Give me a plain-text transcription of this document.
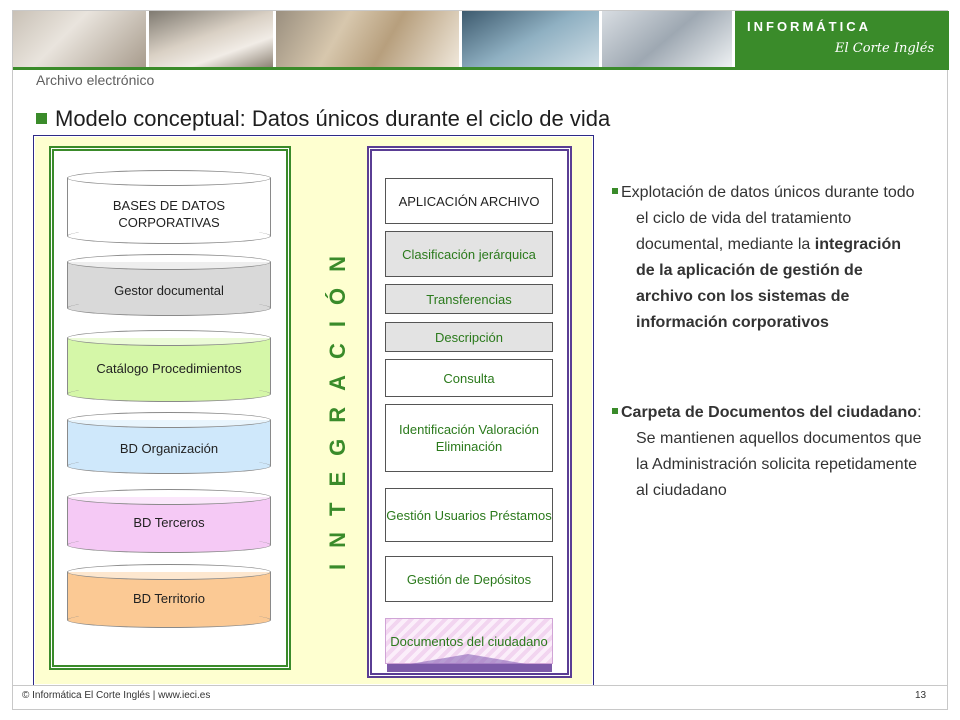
INFORMÁTICA
El Corte Inglés
Archivo electrónico
Modelo conceptual: Datos únicos durante el ciclo de vida
BASES DE DATOS CORPORATIVAS
Gestor documental
Catálogo Procedimientos
BD Organización
BD Terceros
BD Territorio
INTEGRACIÓN
APLICACIÓN ARCHIVO
Clasificación jerárquica
Transferencias
Descripción
Consulta
Identificación Valoración Eliminación
Gestión Usuarios Préstamos
Gestión de Depósitos
Documentos del ciudadano
Explotación de datos únicos durante todo el ciclo de vida del tratamiento documental, mediante la integración de la aplicación de gestión de archivo con los sistemas de información corporativos
Carpeta de Documentos del ciudadano: Se mantienen aquellos documentos que la Administración solicita repetidamente al ciudadano
© Informática El Corte Inglés | www.ieci.es	13
